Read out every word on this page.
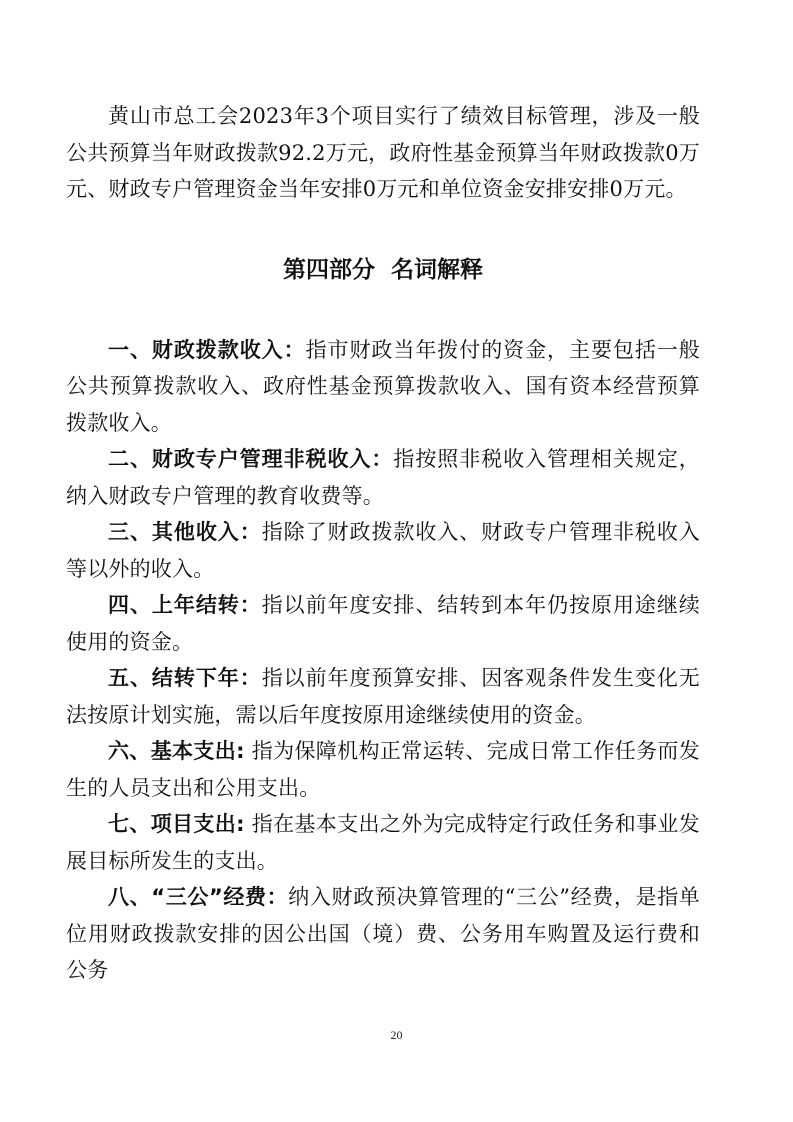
黄山市总工会2023年3个项目实行了绩效目标管理，涉及一般公共预算当年财政拨款92.2万元，政府性基金预算当年财政拨款0万元、财政专户管理资金当年安排0万元和单位资金安排安排0万元。

第四部分  名词解释

一、财政拨款收入：指市财政当年拨付的资金，主要包括一般公共预算拨款收入、政府性基金预算拨款收入、国有资本经营预算拨款收入。

二、财政专户管理非税收入：指按照非税收入管理相关规定，纳入财政专户管理的教育收费等。

三、其他收入：指除了财政拨款收入、财政专户管理非税收入等以外的收入。

四、上年结转：指以前年度安排、结转到本年仍按原用途继续使用的资金。

五、结转下年：指以前年度预算安排、因客观条件发生变化无法按原计划实施，需以后年度按原用途继续使用的资金。

六、基本支出: 指为保障机构正常运转、完成日常工作任务而发生的人员支出和公用支出。

七、项目支出: 指在基本支出之外为完成特定行政任务和事业发展目标所发生的支出。

八、“三公”经费：纳入财政预决算管理的“三公”经费，是指单位用财政拨款安排的因公出国（境）费、公务用车购置及运行费和公务

20
